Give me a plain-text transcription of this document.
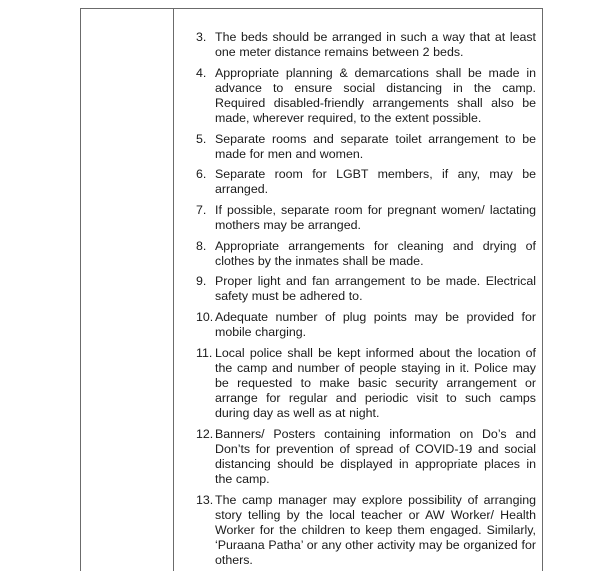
3. The beds should be arranged in such a way that at least one meter distance remains between 2 beds.
4. Appropriate planning & demarcations shall be made in advance to ensure social distancing in the camp. Required disabled-friendly arrangements shall also be made, wherever required, to the extent possible.
5. Separate rooms and separate toilet arrangement to be made for men and women.
6. Separate room for LGBT members, if any, may be arranged.
7. If possible, separate room for pregnant women/ lactating mothers may be arranged.
8. Appropriate arrangements for cleaning and drying of clothes by the inmates shall be made.
9. Proper light and fan arrangement to be made. Electrical safety must be adhered to.
10. Adequate number of plug points may be provided for mobile charging.
11. Local police shall be kept informed about the location of the camp and number of people staying in it. Police may be requested to make basic security arrangement or arrange for regular and periodic visit to such camps during day as well as at night.
12. Banners/ Posters containing information on Do’s and Don’ts for prevention of spread of COVID-19 and social distancing should be displayed in appropriate places in the camp.
13. The camp manager may explore possibility of arranging story telling by the local teacher or AW Worker/ Health Worker for the children to keep them engaged. Similarly, ‘Puraana Patha’ or any other activity may be organized for others.
